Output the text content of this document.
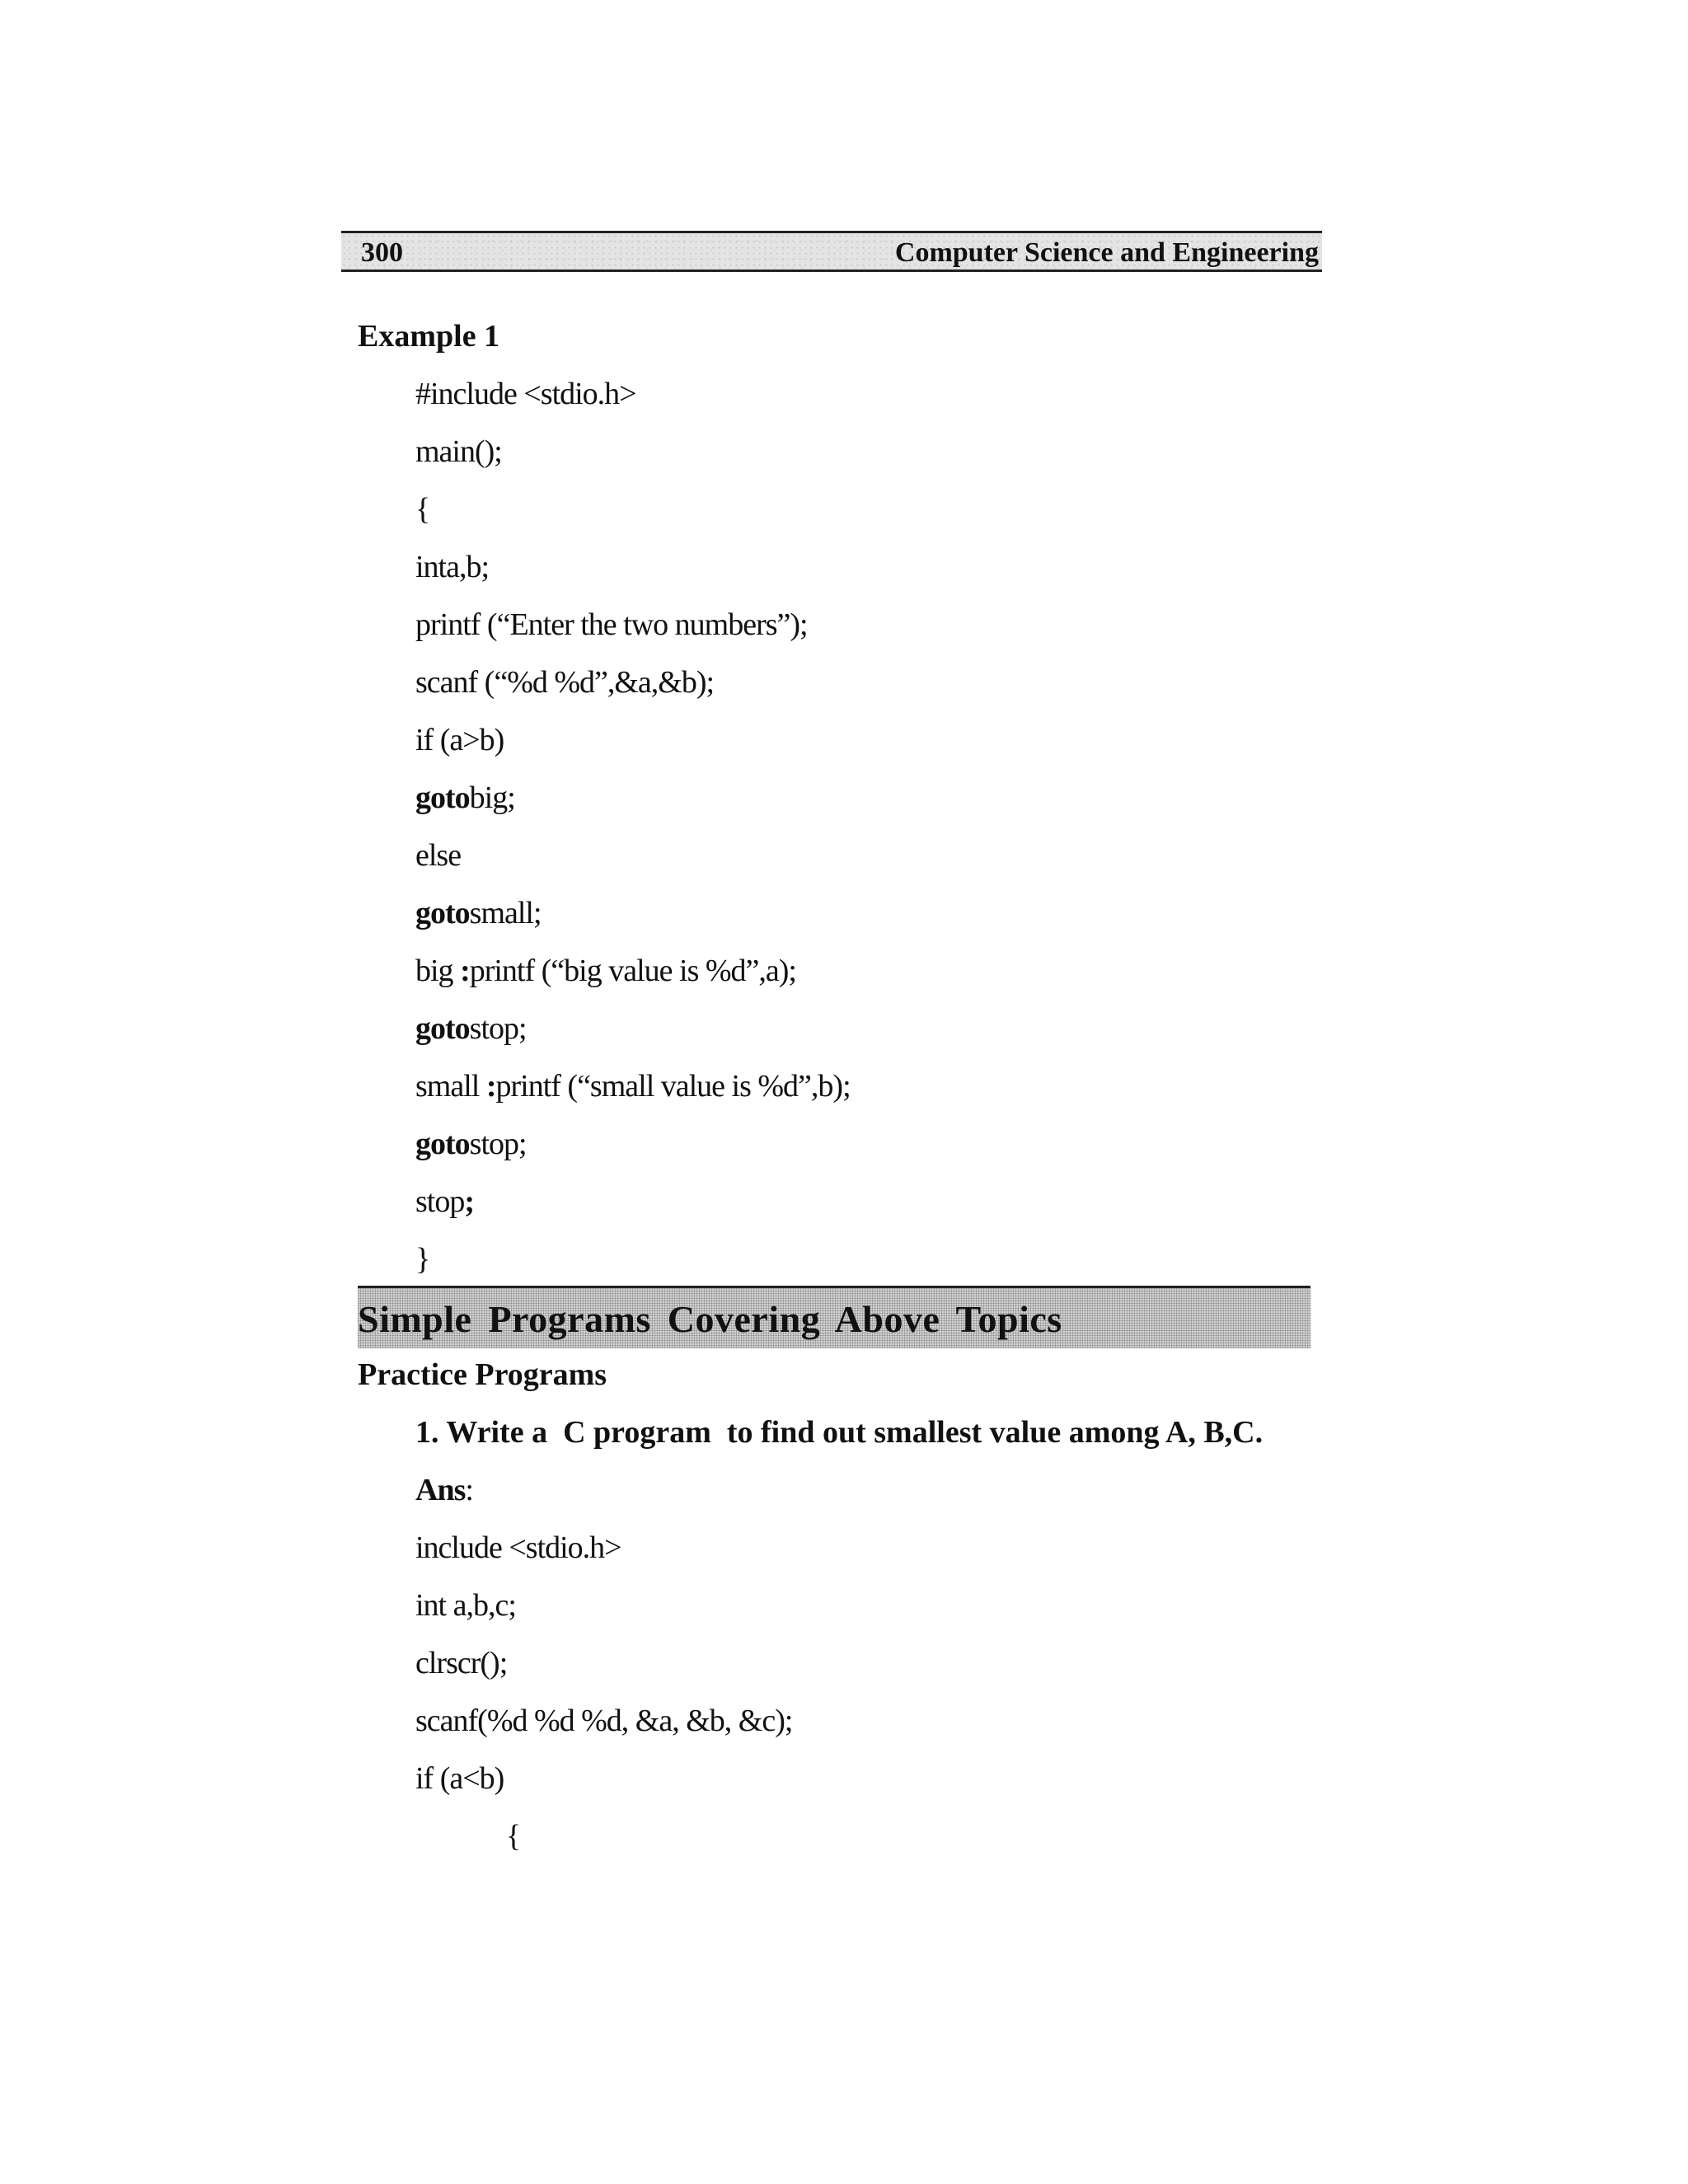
300	Computer Science and Engineering
Example 1
#include <stdio.h>
main();
{
inta,b;
printf (“Enter the two numbers”);
scanf (“%d %d”,&a,&b);
if (a>b)
gotobig;
else
gotosmall;
big :printf (“big value is %d”,a);
gotostop;
small :printf (“small value is %d”,b);
gotostop;
stop;
}
Simple Programs Covering Above Topics
Practice Programs
1. Write a  C program  to find out smallest value among A, B,C.
Ans:
include <stdio.h>
int a,b,c;
clrscr();
scanf(%d %d %d, &a, &b, &c);
if (a<b)
{
